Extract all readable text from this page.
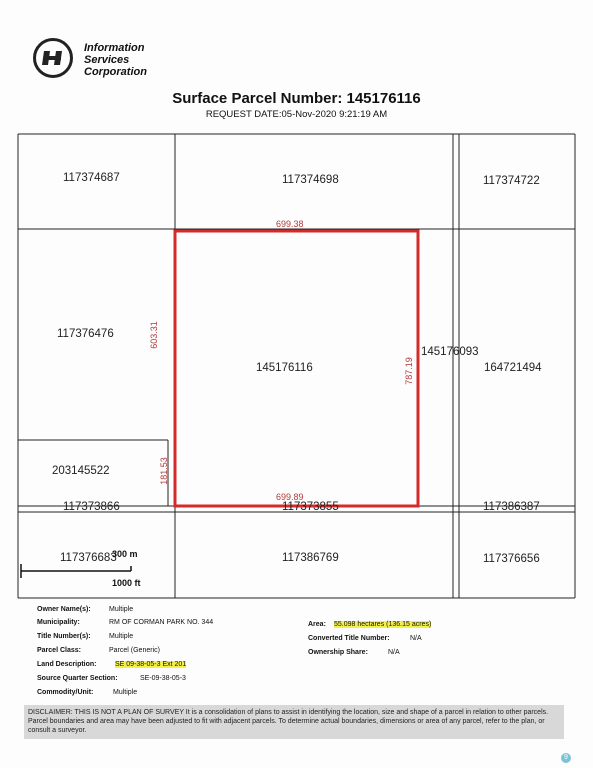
Information
Services
Corporation
Surface Parcel Number: 145176116
REQUEST DATE:05-Nov-2020 9:21:19 AM
117374687	117374698	117374722
117376476
145176116
145176093
164721494
203145522
117373866	117373855	117386387
117376683	117386769	117376656
699.38
699.89
603.31
787.19
181.53
300 m
1000 ft
Owner Name(s):	Multiple
Municipality:	RM OF CORMAN PARK NO. 344
Title Number(s):	Multiple
Parcel Class:	Parcel (Generic)
Land Description:	SE 09-38-05-3 Ext 201
Source Quarter Section:	SE-09-38-05-3
Commodity/Unit:	Multiple
Area: 55.098 hectares (136.15 acres)
Converted Title Number:	N/A
Ownership Share:	N/A
DISCLAIMER: THIS IS NOT A PLAN OF SURVEY It is a consolidation of plans to assist in identifying the location, size and shape of a parcel in relation to other parcels. Parcel boundaries and area may have been adjusted to fit with adjacent parcels. To determine actual boundaries, dimensions or area of any parcel, refer to the plan, or consult a surveyor.
9
